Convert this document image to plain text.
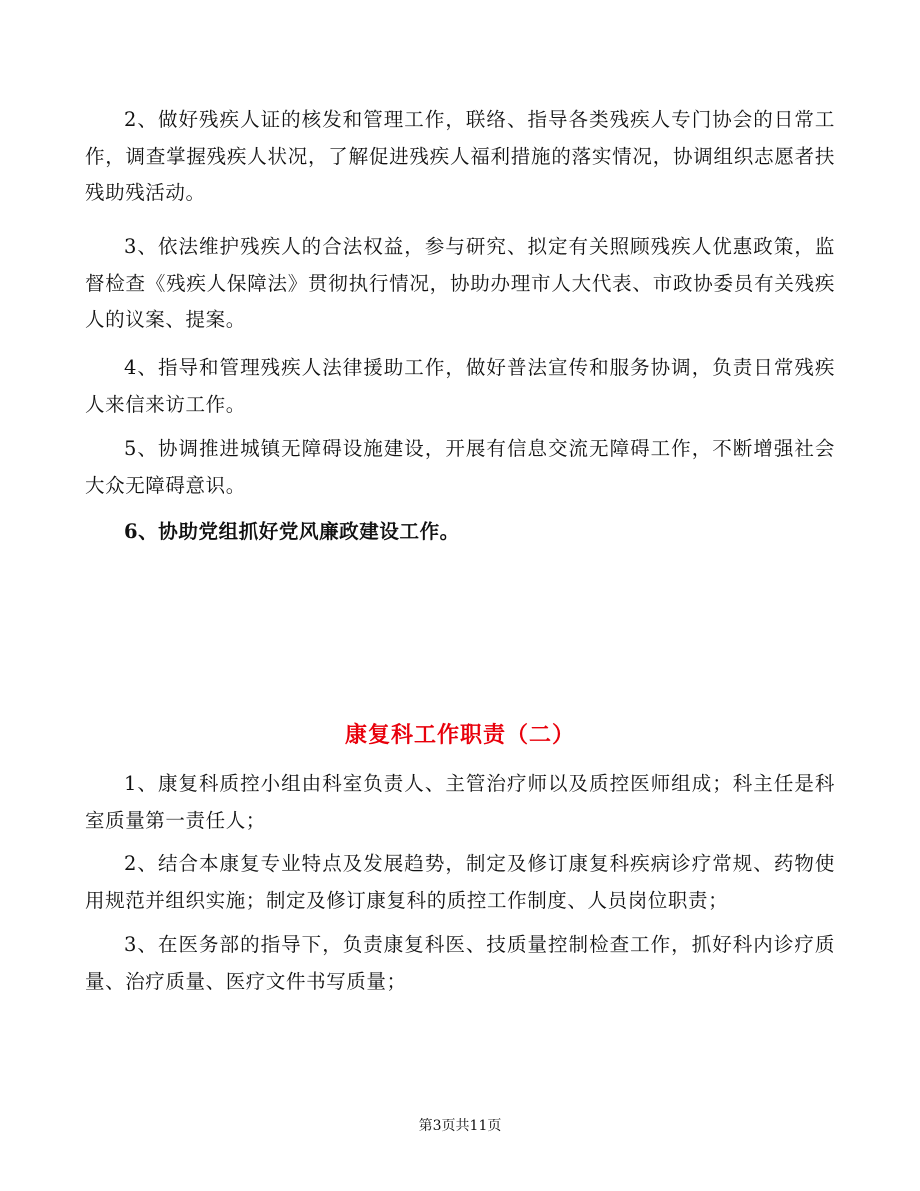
2、做好残疾人证的核发和管理工作，联络、指导各类残疾人专门协会的日常工作，调查掌握残疾人状况，了解促进残疾人福利措施的落实情况，协调组织志愿者扶残助残活动。

3、依法维护残疾人的合法权益，参与研究、拟定有关照顾残疾人优惠政策，监督检查《残疾人保障法》贯彻执行情况，协助办理市人大代表、市政协委员有关残疾人的议案、提案。

4、指导和管理残疾人法律援助工作，做好普法宣传和服务协调，负责日常残疾人来信来访工作。

5、协调推进城镇无障碍设施建设，开展有信息交流无障碍工作，不断增强社会大众无障碍意识。

6、协助党组抓好党风廉政建设工作。

康复科工作职责（二）

1、康复科质控小组由科室负责人、主管治疗师以及质控医师组成；科主任是科室质量第一责任人；

2、结合本康复专业特点及发展趋势，制定及修订康复科疾病诊疗常规、药物使用规范并组织实施；制定及修订康复科的质控工作制度、人员岗位职责；

3、在医务部的指导下，负责康复科医、技质量控制检查工作，抓好科内诊疗质量、治疗质量、医疗文件书写质量；

第3页共11页
